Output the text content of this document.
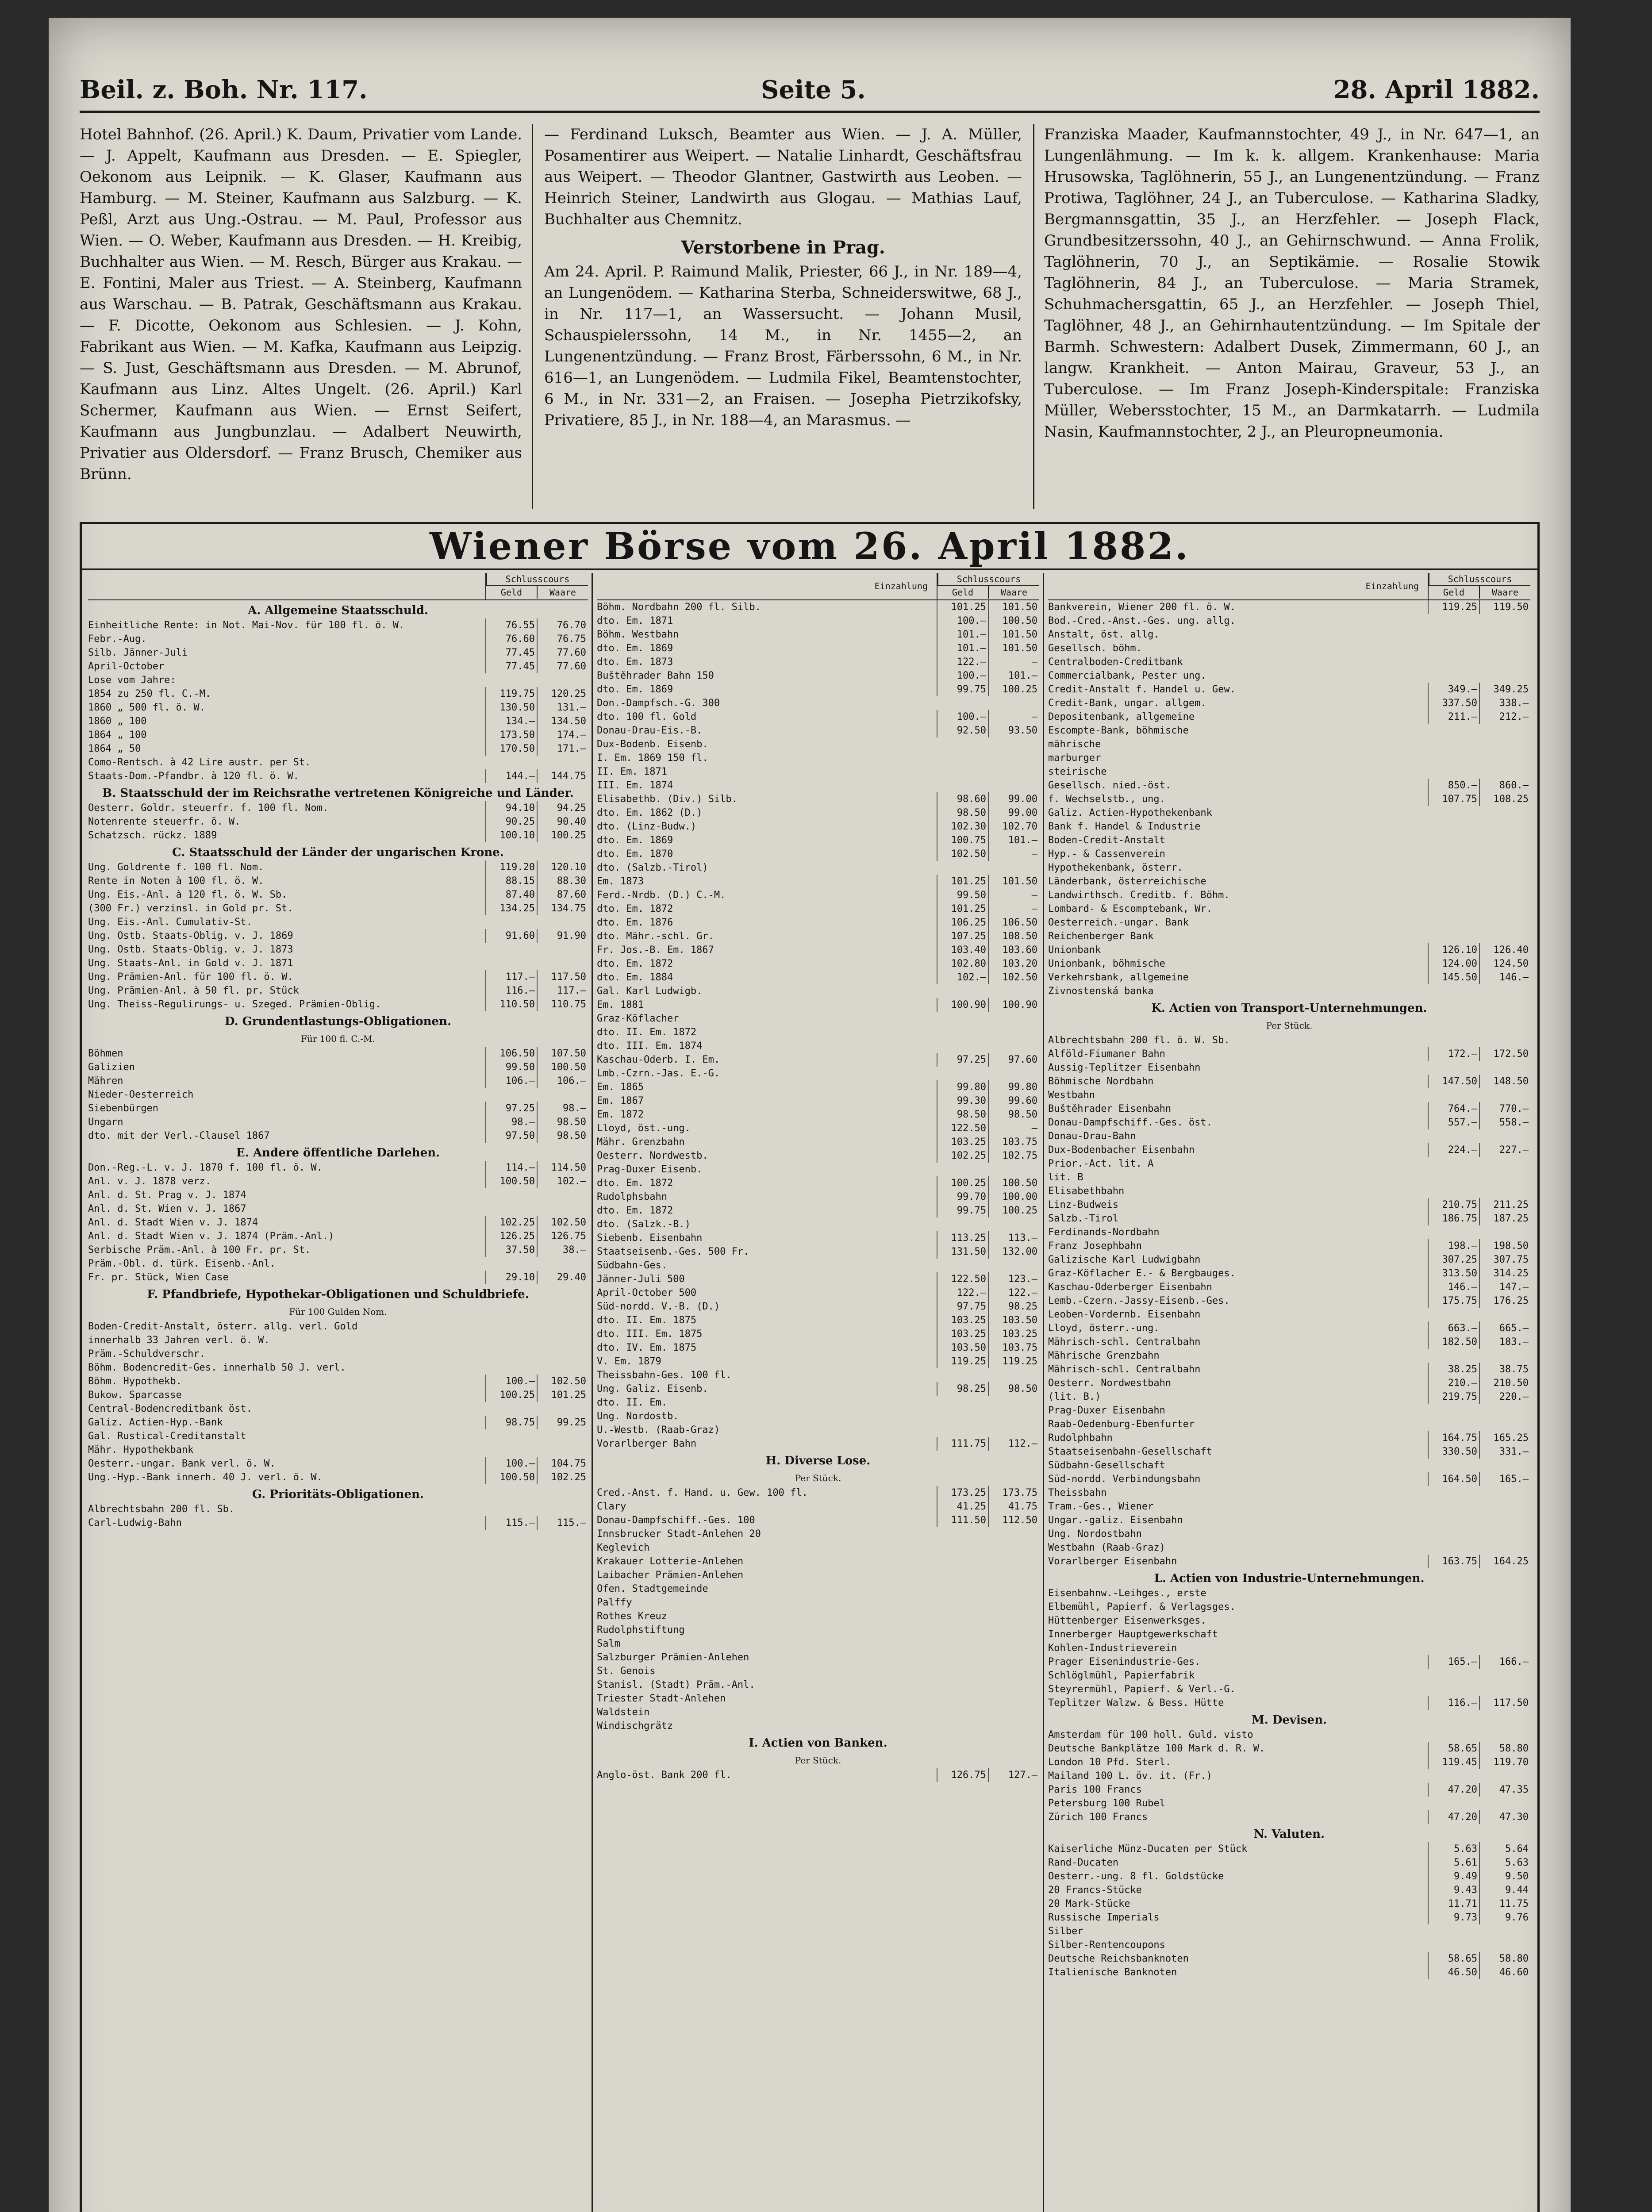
Beil. z. Boh. Nr. 117.	Seite 5.	28. April 1882.

Hotel Bahnhof. (26. April.) K. Daum, Privatier vom Lande. — J. Appelt, Kaufmann aus Dresden. — E. Spiegler, Oekonom aus Leipnik. — K. Glaser, Kaufmann aus Hamburg. — M. Steiner, Kaufmann aus Salzburg. — K. Peßl, Arzt aus Ung.-Ostrau. — M. Paul, Professor aus Wien. — O. Weber, Kaufmann aus Dresden. — H. Kreibig, Buchhalter aus Wien. — M. Resch, Bürger aus Krakau. — E. Fontini, Maler aus Triest. — A. Steinberg, Kaufmann aus Warschau. — B. Patrak, Geschäftsmann aus Krakau. — F. Dicotte, Oekonom aus Schlesien. — J. Kohn, Fabrikant aus Wien. — M. Kafka, Kaufmann aus Leipzig. — S. Just, Geschäftsmann aus Dresden. — M. Abrunof, Kaufmann aus Linz. Altes Ungelt. (26. April.) Karl Schermer, Kaufmann aus Wien. — Ernst Seifert, Kaufmann aus Jungbunzlau. — Adalbert Neuwirth, Privatier aus Oldersdorf. — Franz Brusch, Chemiker aus Brünn.

— Ferdinand Luksch, Beamter aus Wien. — J. A. Müller, Posamentirer aus Weipert. — Natalie Linhardt, Geschäftsfrau aus Weipert. — Theodor Glantner, Gastwirth aus Leoben. — Heinrich Steiner, Landwirth aus Glogau. — Mathias Lauf, Buchhalter aus Chemnitz.

Verstorbene in Prag.

Am 24. April. P. Raimund Malik, Priester, 66 J., in Nr. 189—4, an Lungenödem. — Katharina Sterba, Schneiderswitwe, 68 J., in Nr. 117—1, an Wassersucht. — Johann Musil, Schauspielerssohn, 14 M., in Nr. 1455—2, an Lungenentzündung. — Franz Brost, Färberssohn, 6 M., in Nr. 616—1, an Lungenödem. — Ludmila Fikel, Beamtenstochter, 6 M., in Nr. 331—2, an Fraisen. — Josepha Pietrzikofsky, Privatiere, 85 J., in Nr. 188—4, an Marasmus. —

Franziska Maader, Kaufmannstochter, 49 J., in Nr. 647—1, an Lungenlähmung. — Im k. k. allgem. Krankenhause: Maria Hrusowska, Taglöhnerin, 55 J., an Lungenentzündung. — Franz Protiwa, Taglöhner, 24 J., an Tuberculose. — Katharina Sladky, Bergmannsgattin, 35 J., an Herzfehler. — Joseph Flack, Grundbesitzerssohn, 40 J., an Gehirnschwund. — Anna Frolik, Taglöhnerin, 70 J., an Septikämie. — Rosalie Stowik Taglöhnerin, 84 J., an Tuberculose. — Maria Stramek, Schuhmachersgattin, 65 J., an Herzfehler. — Joseph Thiel, Taglöhner, 48 J., an Gehirnhautentzündung. — Im Spitale der Barmh. Schwestern: Adalbert Dusek, Zimmermann, 60 J., an langw. Krankheit. — Anton Mairau, Graveur, 53 J., an Tuberculose. — Im Franz Joseph-Kinderspitale: Franziska Müller, Webersstochter, 15 M., an Darmkatarrh. — Ludmila Nasin, Kaufmannstochter, 2 J., an Pleuropneumonia.

Wiener Börse vom 26. April 1882.
Schlusscours
Geld	Waare
A. Allgemeine Staatsschuld.
Einheitliche Rente: in Not. Mai-Nov. für 100 fl. ö. W.	76.55	76.70
Febr.-Aug.	76.60	76.75
Silb. Jänner-Juli	77.45	77.60
April-October	77.45	77.60
Lose vom Jahre:
1854 zu 250 fl. C.-M.	119.75	120.25
1860 „ 500 fl. ö. W.	130.50	131.—
1860 „ 100	134.—	134.50
1864 „ 100	173.50	174.—
1864 „ 50	170.50	171.—
Como-Rentsch. à 42 Lire austr. per St.
Staats-Dom.-Pfandbr. à 120 fl. ö. W.	144.—	144.75
B. Staatsschuld der im Reichsrathe vertretenen Königreiche und Länder.
Oesterr. Goldr. steuerfr. f. 100 fl. Nom.	94.10	94.25
Notenrente steuerfr. ö. W.	90.25	90.40
Schatzsch. rückz. 1889	100.10	100.25
C. Staatsschuld der Länder der ungarischen Krone.
Ung. Goldrente f. 100 fl. Nom.	119.20	120.10
Rente in Noten à 100 fl. ö. W.	88.15	88.30
Ung. Eis.-Anl. à 120 fl. ö. W. Sb.	87.40	87.60
(300 Fr.) verzinsl. in Gold pr. St.	134.25	134.75
Ung. Eis.-Anl. Cumulativ-St.
Ung. Ostb. Staats-Oblig. v. J. 1869	91.60	91.90
Ung. Ostb. Staats-Oblig. v. J. 1873
Ung. Staats-Anl. in Gold v. J. 1871
Ung. Prämien-Anl. für 100 fl. ö. W.	117.—	117.50
Ung. Prämien-Anl. à 50 fl. pr. Stück	116.—	117.—
Ung. Theiss-Regulirungs- u. Szeged. Prämien-Oblig.	110.50	110.75
D. Grundentlastungs-Obligationen.
Für 100 fl. C.-M.
Böhmen	106.50	107.50
Galizien	99.50	100.50
Mähren	106.—	106.—
Nieder-Oesterreich
Siebenbürgen	97.25	98.—
Ungarn	98.—	98.50
dto. mit der Verl.-Clausel 1867	97.50	98.50
E. Andere öffentliche Darlehen.
Don.-Reg.-L. v. J. 1870 f. 100 fl. ö. W.	114.—	114.50
Anl. v. J. 1878 verz.	100.50	102.—
Anl. d. St. Prag v. J. 1874
Anl. d. St. Wien v. J. 1867
Anl. d. Stadt Wien v. J. 1874	102.25	102.50
Anl. d. Stadt Wien v. J. 1874 (Präm.-Anl.)	126.25	126.75
Serbische Präm.-Anl. à 100 Fr. pr. St.	37.50	38.—
Präm.-Obl. d. türk. Eisenb.-Anl.
Fr. pr. Stück, Wien Case	29.10	29.40
F. Pfandbriefe, Hypothekar-Obligationen und Schuldbriefe.
Für 100 Gulden Nom.
Boden-Credit-Anstalt, österr. allg. verl. Gold
innerhalb 33 Jahren verl. ö. W.
Präm.-Schuldverschr.
Böhm. Bodencredit-Ges. innerhalb 50 J. verl.
Böhm. Hypothekb.	100.—	102.50
Bukow. Sparcasse	100.25	101.25
Central-Bodencreditbank öst.
Galiz. Actien-Hyp.-Bank	98.75	99.25
Gal. Rustical-Creditanstalt
Mähr. Hypothekbank
Oesterr.-ungar. Bank verl. ö. W.	100.—	104.75
Ung.-Hyp.-Bank innerh. 40 J. verl. ö. W.	100.50	102.25
G. Prioritäts-Obligationen.
Albrechtsbahn 200 fl. Sb.
Carl-Ludwig-Bahn	115.—	115.—
Einzahlung
Schlusscours
Geld	Waare
Böhm. Nordbahn 200 fl. Silb.	101.25	101.50
dto. Em. 1871	100.—	100.50
Böhm. Westbahn	101.—	101.50
dto. Em. 1869	101.—	101.50
dto. Em. 1873	122.—	—
Buštěhrader Bahn 150	100.—	101.—
dto. Em. 1869	99.75	100.25
Don.-Dampfsch.-G. 300
dto. 100 fl. Gold	100.—	—
Donau-Drau-Eis.-B.	92.50	93.50
Dux-Bodenb. Eisenb.
I. Em. 1869 150 fl.
II. Em. 1871
III. Em. 1874
Elisabethb. (Div.) Silb.	98.60	99.00
dto. Em. 1862 (D.)	98.50	99.00
dto. (Linz-Budw.)	102.30	102.70
dto. Em. 1869	100.75	101.—
dto. Em. 1870	102.50	—
dto. (Salzb.-Tirol)
Em. 1873	101.25	101.50
Ferd.-Nrdb. (D.) C.-M.	99.50	—
dto. Em. 1872	101.25	—
dto. Em. 1876	106.25	106.50
dto. Mähr.-schl. Gr.	107.25	108.50
Fr. Jos.-B. Em. 1867	103.40	103.60
dto. Em. 1872	102.80	103.20
dto. Em. 1884	102.—	102.50
Gal. Karl Ludwigb.
Em. 1881	100.90	100.90
Graz-Köflacher
dto. II. Em. 1872
dto. III. Em. 1874
Kaschau-Oderb. I. Em.	97.25	97.60
Lmb.-Czrn.-Jas. E.-G.
Em. 1865	99.80	99.80
Em. 1867	99.30	99.60
Em. 1872	98.50	98.50
Lloyd, öst.-ung.	122.50	—
Mähr. Grenzbahn	103.25	103.75
Oesterr. Nordwestb.	102.25	102.75
Prag-Duxer Eisenb.
dto. Em. 1872	100.25	100.50
Rudolphsbahn	99.70	100.00
dto. Em. 1872	99.75	100.25
dto. (Salzk.-B.)
Siebenb. Eisenbahn	113.25	113.—
Staatseisenb.-Ges. 500 Fr.	131.50	132.00
Südbahn-Ges.
Jänner-Juli 500	122.50	123.—
April-October 500	122.—	122.—
Süd-nordd. V.-B. (D.)	97.75	98.25
dto. II. Em. 1875	103.25	103.50
dto. III. Em. 1875	103.25	103.25
dto. IV. Em. 1875	103.50	103.75
V. Em. 1879	119.25	119.25
Theissbahn-Ges. 100 fl.
Ung. Galiz. Eisenb.	98.25	98.50
dto. II. Em.
Ung. Nordostb.
U.-Westb. (Raab-Graz)
Vorarlberger Bahn	111.75	112.—
H. Diverse Lose.
Per Stück.
Cred.-Anst. f. Hand. u. Gew. 100 fl.	173.25	173.75
Clary	41.25	41.75
Donau-Dampfschiff.-Ges. 100	111.50	112.50
Innsbrucker Stadt-Anlehen 20
Keglevich
Krakauer Lotterie-Anlehen
Laibacher Prämien-Anlehen
Ofen. Stadtgemeinde
Palffy
Rothes Kreuz
Rudolphstiftung
Salm
Salzburger Prämien-Anlehen
St. Genois
Stanisl. (Stadt) Präm.-Anl.
Triester Stadt-Anlehen
Waldstein
Windischgrätz
I. Actien von Banken.
Per Stück.
Anglo-öst. Bank 200 fl.	126.75	127.—
Einzahlung
Schlusscours
Geld	Waare
Bankverein, Wiener 200 fl. ö. W.	119.25	119.50
Bod.-Cred.-Anst.-Ges. ung. allg.
Anstalt, öst. allg.
Gesellsch. böhm.
Centralboden-Creditbank
Commercialbank, Pester ung.
Credit-Anstalt f. Handel u. Gew.	349.—	349.25
Credit-Bank, ungar. allgem.	337.50	338.—
Depositenbank, allgemeine	211.—	212.—
Escompte-Bank, böhmische
mährische
marburger
steirische
Gesellsch. nied.-öst.	850.—	860.—
f. Wechselstb., ung.	107.75	108.25
Galiz. Actien-Hypothekenbank
Bank f. Handel & Industrie
Boden-Credit-Anstalt
Hyp.- & Cassenverein
Hypothekenbank, österr.
Länderbank, österreichische
Landwirthsch. Creditb. f. Böhm.
Lombard- & Escomptebank, Wr.
Oesterreich.-ungar. Bank
Reichenberger Bank
Unionbank	126.10	126.40
Unionbank, böhmische	124.00	124.50
Verkehrsbank, allgemeine	145.50	146.—
Zivnostenská banka
K. Actien von Transport-Unternehmungen.
Per Stück.
Albrechtsbahn 200 fl. ö. W. Sb.
Alföld-Fiumaner Bahn	172.—	172.50
Aussig-Teplitzer Eisenbahn
Böhmische Nordbahn	147.50	148.50
Westbahn
Buštěhrader Eisenbahn	764.—	770.—
Donau-Dampfschiff.-Ges. öst.	557.—	558.—
Donau-Drau-Bahn
Dux-Bodenbacher Eisenbahn	224.—	227.—
Prior.-Act. lit. A
lit. B
Elisabethbahn
Linz-Budweis	210.75	211.25
Salzb.-Tirol	186.75	187.25
Ferdinands-Nordbahn
Franz Josephbahn	198.—	198.50
Galizische Karl Ludwigbahn	307.25	307.75
Graz-Köflacher E.- & Bergbauges.	313.50	314.25
Kaschau-Oderberger Eisenbahn	146.—	147.—
Lemb.-Czern.-Jassy-Eisenb.-Ges.	175.75	176.25
Leoben-Vordernb. Eisenbahn
Lloyd, österr.-ung.	663.—	665.—
Mährisch-schl. Centralbahn	182.50	183.—
Mährische Grenzbahn
Mährisch-schl. Centralbahn	38.25	38.75
Oesterr. Nordwestbahn	210.—	210.50
(lit. B.)	219.75	220.—
Prag-Duxer Eisenbahn
Raab-Oedenburg-Ebenfurter
Rudolphbahn	164.75	165.25
Staatseisenbahn-Gesellschaft	330.50	331.—
Südbahn-Gesellschaft
Süd-nordd. Verbindungsbahn	164.50	165.—
Theissbahn
Tram.-Ges., Wiener
Ungar.-galiz. Eisenbahn
Ung. Nordostbahn
Westbahn (Raab-Graz)
Vorarlberger Eisenbahn	163.75	164.25
L. Actien von Industrie-Unternehmungen.
Eisenbahnw.-Leihges., erste
Elbemühl, Papierf. & Verlagsges.
Hüttenberger Eisenwerksges.
Innerberger Hauptgewerkschaft
Kohlen-Industrieverein
Prager Eisenindustrie-Ges.	165.—	166.—
Schlöglmühl, Papierfabrik
Steyrermühl, Papierf. & Verl.-G.
Teplitzer Walzw. & Bess. Hütte	116.—	117.50
M. Devisen.
Amsterdam für 100 holl. Guld. visto
Deutsche Bankplätze 100 Mark d. R. W.	58.65	58.80
London 10 Pfd. Sterl.	119.45	119.70
Mailand 100 L. öv. it. (Fr.)
Paris 100 Francs	47.20	47.35
Petersburg 100 Rubel
Zürich 100 Francs	47.20	47.30
N. Valuten.
Kaiserliche Münz-Ducaten per Stück	5.63	5.64
Rand-Ducaten	5.61	5.63
Oesterr.-ung. 8 fl. Goldstücke	9.49	9.50
20 Francs-Stücke	9.43	9.44
20 Mark-Stücke	11.71	11.75
Russische Imperials	9.73	9.76
Silber
Silber-Rentencoupons
Deutsche Reichsbanknoten	58.65	58.80
Italienische Banknoten	46.50	46.60
